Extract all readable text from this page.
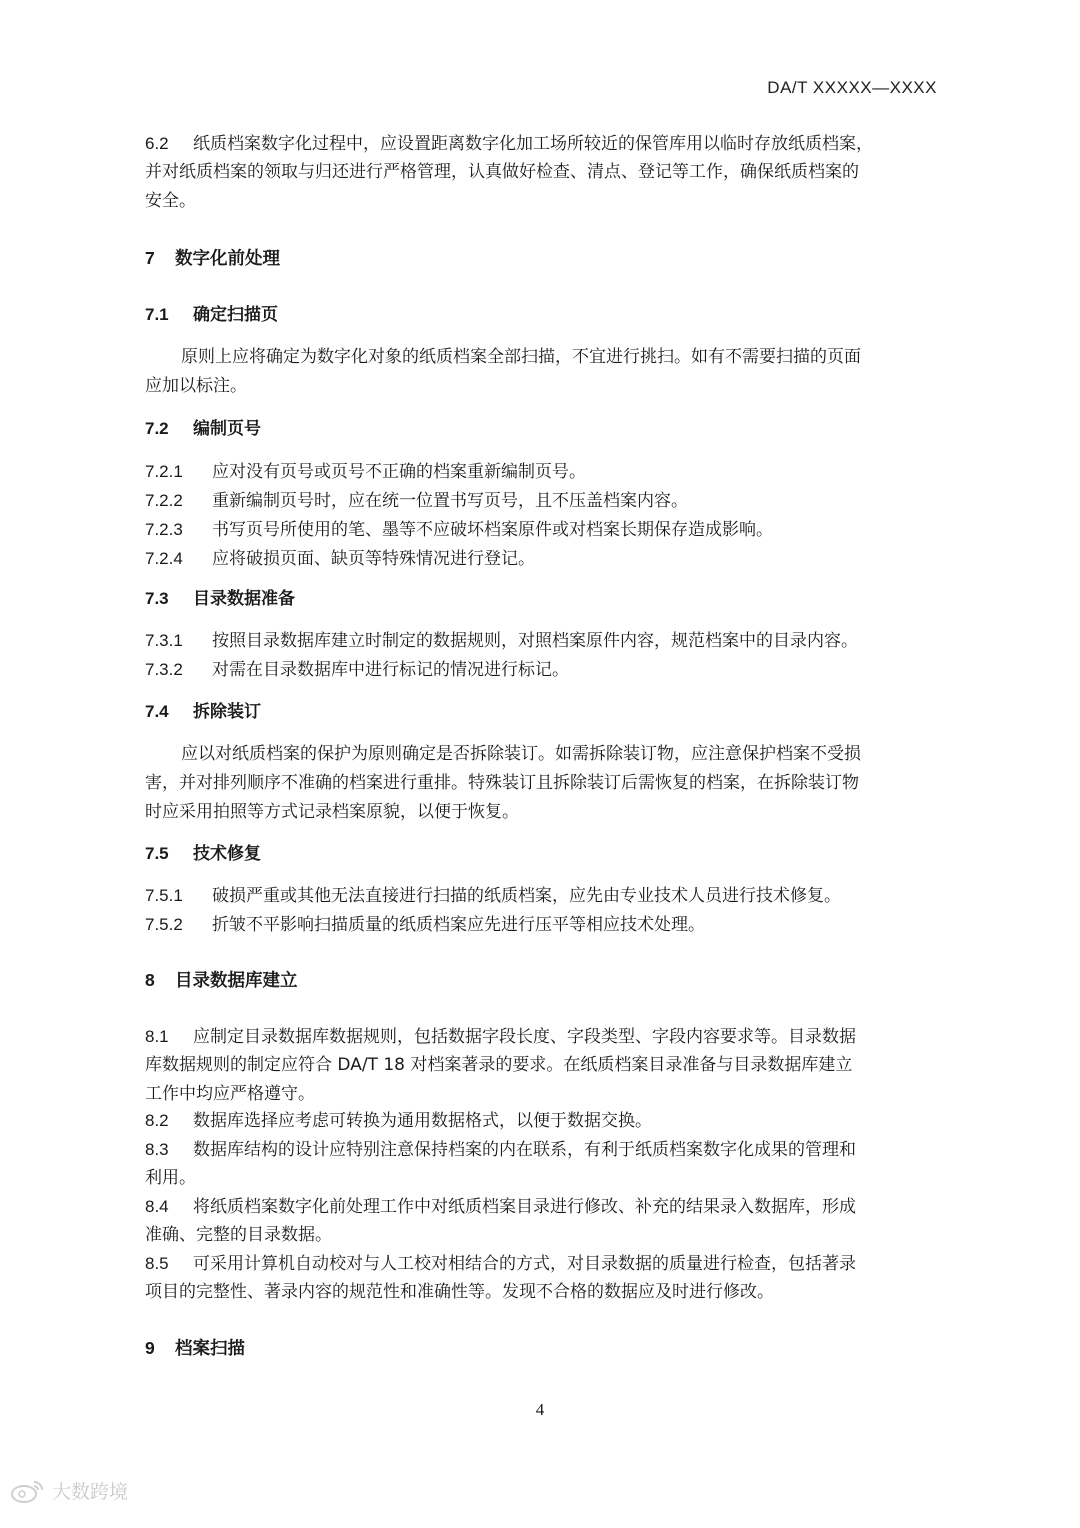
DA/T XXXXX—XXXX
6.2 纸质档案数字化过程中，应设置距离数字化加工场所较近的保管库用以临时存放纸质档案，
并对纸质档案的领取与归还进行严格管理，认真做好检查、清点、登记等工作，确保纸质档案的
安全。
7 数字化前处理
7.1 确定扫描页
原则上应将确定为数字化对象的纸质档案全部扫描，不宜进行挑扫。如有不需要扫描的页面
应加以标注。
7.2 编制页号
7.2.1 应对没有页号或页号不正确的档案重新编制页号。
7.2.2 重新编制页号时，应在统一位置书写页号，且不压盖档案内容。
7.2.3 书写页号所使用的笔、墨等不应破坏档案原件或对档案长期保存造成影响。
7.2.4 应将破损页面、缺页等特殊情况进行登记。
7.3 目录数据准备
7.3.1 按照目录数据库建立时制定的数据规则，对照档案原件内容，规范档案中的目录内容。
7.3.2 对需在目录数据库中进行标记的情况进行标记。
7.4 拆除装订
应以对纸质档案的保护为原则确定是否拆除装订。如需拆除装订物，应注意保护档案不受损
害，并对排列顺序不准确的档案进行重排。特殊装订且拆除装订后需恢复的档案，在拆除装订物
时应采用拍照等方式记录档案原貌，以便于恢复。
7.5 技术修复
7.5.1 破损严重或其他无法直接进行扫描的纸质档案，应先由专业技术人员进行技术修复。
7.5.2 折皱不平影响扫描质量的纸质档案应先进行压平等相应技术处理。
8 目录数据库建立
8.1 应制定目录数据库数据规则，包括数据字段长度、字段类型、字段内容要求等。目录数据
库数据规则的制定应符合 DA/T 18 对档案著录的要求。在纸质档案目录准备与目录数据库建立
工作中均应严格遵守。
8.2 数据库选择应考虑可转换为通用数据格式，以便于数据交换。
8.3 数据库结构的设计应特别注意保持档案的内在联系，有利于纸质档案数字化成果的管理和
利用。
8.4 将纸质档案数字化前处理工作中对纸质档案目录进行修改、补充的结果录入数据库，形成
准确、完整的目录数据。
8.5 可采用计算机自动校对与人工校对相结合的方式，对目录数据的质量进行检查，包括著录
项目的完整性、著录内容的规范性和准确性等。发现不合格的数据应及时进行修改。
9 档案扫描
4
大数跨境
